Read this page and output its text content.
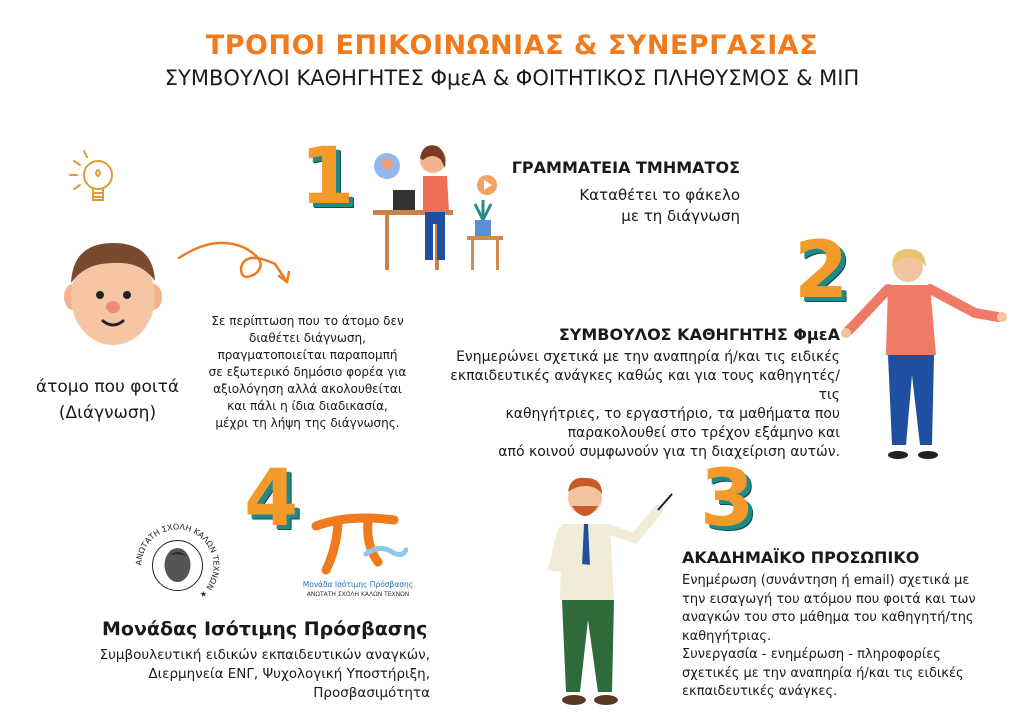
ΤΡΟΠΟΙ ΕΠΙΚΟΙΝΩΝΙΑΣ & ΣΥΝΕΡΓΑΣΙΑΣ
ΣΥΜΒΟΥΛΟΙ ΚΑΘΗΓΗΤΕΣ ΦμεΑ & ΦΟΙΤΗΤΙΚΟΣ ΠΛΗΘΥΣΜΟΣ & ΜΙΠ
άτομο που φοιτά
(Διάγνωση)
Σε περίπτωση που το άτομο δεν
διαθέτει διάγνωση,
πραγματοποιείται παραπομπή
σε εξωτερικό δημόσιο φορέα για
αξιολόγηση αλλά ακολουθείται
και πάλι η ίδια διαδικασία,
μέχρι τη λήψη της διάγνωσης.
1	ΓΡΑΜΜΑΤΕΙΑ ΤΜΗΜΑΤΟΣ
Καταθέτει το φάκελο
με τη διάγνωση
2
ΣΥΜΒΟΥΛΟΣ ΚΑΘΗΓΗΤΗΣ ΦμεΑ
Ενημερώνει σχετικά με την αναπηρία ή/και τις ειδικές
εκπαιδευτικές ανάγκες καθώς και για τους καθηγητές/τις
καθηγήτριες, το εργαστήριο, τα μαθήματα που
παρακολουθεί στο τρέχον εξάμηνο και
από κοινού συμφωνούν για τη διαχείριση αυτών.
3
ΑΚΑΔΗΜΑΪΚΟ ΠΡΟΣΩΠΙΚΟ
Ενημέρωση (συνάντηση ή email) σχετικά με
την εισαγωγή του ατόμου που φοιτά και των
αναγκών του στο μάθημα του καθηγητή/της
καθηγήτριας.
Συνεργασία - ενημέρωση - πληροφορίες
σχετικές με την αναπηρία ή/και τις ειδικές
εκπαιδευτικές ανάγκες.
4
ΑΝΩΤΑΤΗ ΣΧΟΛΗ ΚΑΛΩΝ ΤΕΧΝΩΝ ★
Μονάδα Ισότιμης Πρόσβασης
ΑΝΩΤΑΤΗ ΣΧΟΛΗ ΚΑΛΩΝ ΤΕΧΝΩΝ
Μονάδας Ισότιμης Πρόσβασης
Συμβουλευτική ειδικών εκπαιδευτικών αναγκών,
Διερμηνεία ΕΝΓ, Ψυχολογική Υποστήριξη,
Προσβασιμότητα
